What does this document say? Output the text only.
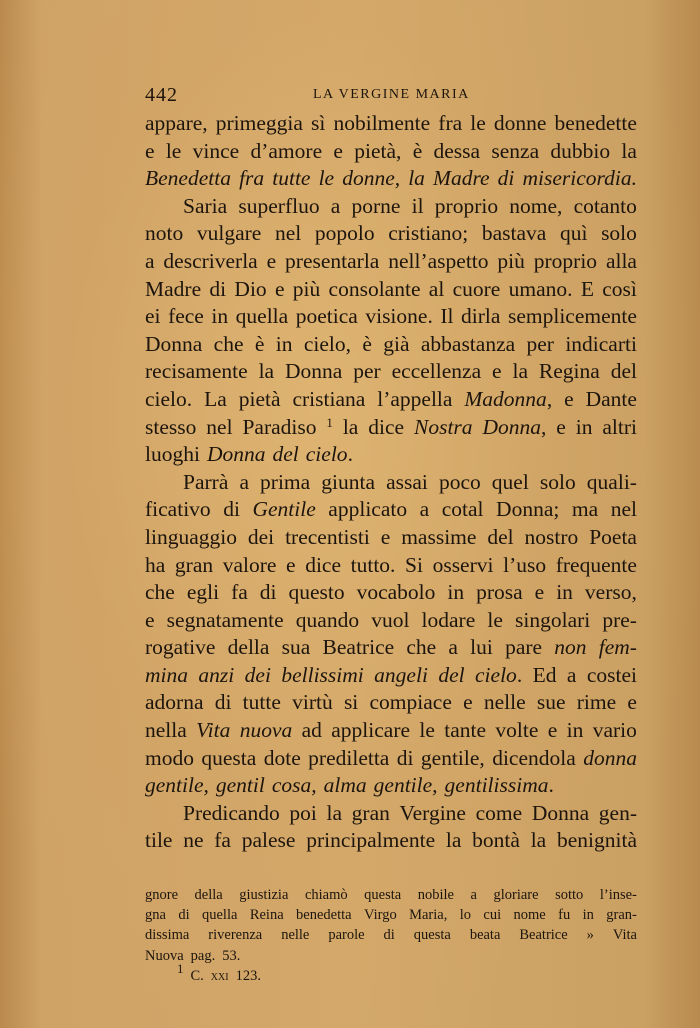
442	LA VERGINE MARIA
appare, primeggia sì nobilmente fra le donne benedette
e le vince d’amore e pietà, è dessa senza dubbio la
Benedetta fra tutte le donne, la Madre di misericordia.
Saria superfluo a porne il proprio nome, cotanto
noto vulgare nel popolo cristiano; bastava quì solo
a descriverla e presentarla nell’aspetto più proprio alla
Madre di Dio e più consolante al cuore umano. E così
ei fece in quella poetica visione. Il dirla semplicemente
Donna che è in cielo, è già abbastanza per indicarti
recisamente la Donna per eccellenza e la Regina del
cielo. La pietà cristiana l’appella Madonna, e Dante
stesso nel Paradiso $^1$ la dice Nostra Donna, e in altri
luoghi Donna del cielo.
Parrà a prima giunta assai poco quel solo quali-
ficativo di Gentile applicato a cotal Donna; ma nel
linguaggio dei trecentisti e massime del nostro Poeta
ha gran valore e dice tutto. Si osservi l’uso frequente
che egli fa di questo vocabolo in prosa e in verso,
e segnatamente quando vuol lodare le singolari pre-
rogative della sua Beatrice che a lui pare non fem-
mina anzi dei bellissimi angeli del cielo. Ed a costei
adorna di tutte virtù si compiace e nelle sue rime e
nella Vita nuova ad applicare le tante volte e in vario
modo questa dote prediletta di gentile, dicendola donna
gentile, gentil cosa, alma gentile, gentilissima.
Predicando poi la gran Vergine come Donna gen-
tile ne fa palese principalmente la bontà la benignità
gnore della giustizia chiamò questa nobile a gloriare sotto l’inse-
gna di quella Reina benedetta Virgo Maria, lo cui nome fu in gran-
dissima riverenza nelle parole di questa beata Beatrice » Vita
Nuova pag. 53.
1 C. xxi 123.
